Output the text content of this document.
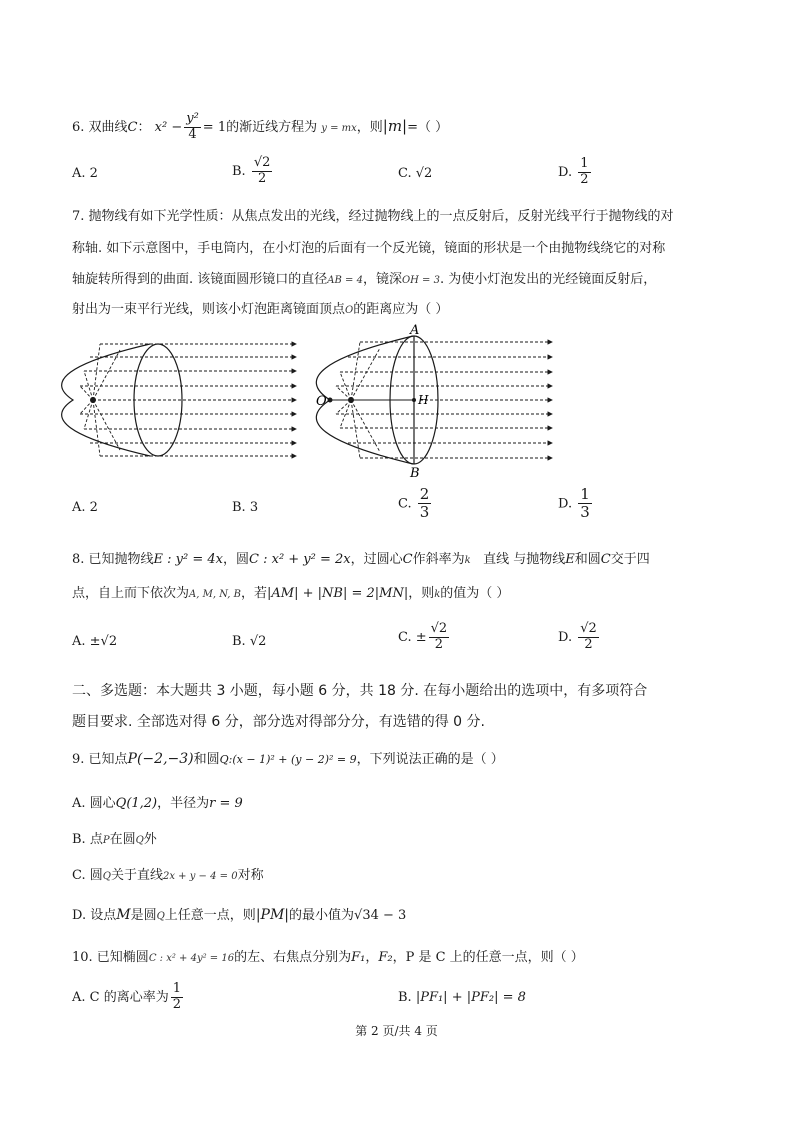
6. 双曲线C： $x^2 - \frac{\text{y²}}{4} = 1$的渐近线方程为 y = mx，则|m|=（ ）
A. 2	B. $\frac{√2}{2}$	C. √2	D. $\frac{1}{2}$
7. 抛物线有如下光学性质：从焦点发出的光线，经过抛物线上的一点反射后，反射光线平行于抛物线的对
称轴. 如下示意图中，手电筒内，在小灯泡的后面有一个反光镜，镜面的形状是一个由抛物线绕它的对称
轴旋转所得到的曲面. 该镜面圆形镜口的直径AB = 4，镜深OH = 3. 为使小灯泡发出的光经镜面反射后，
射出为一束平行光线，则该小灯泡距离镜面顶点O的距离应为（ ）
A
B
O	H
A. 2	B. 3	C. $\frac{2}{3}$	D. $\frac{1}{3}$
8. 已知抛物线E : y² = 4x，圆C : x² + y² = 2x，过圆心C作斜率为k 直线 与抛物线E和圆C交于四
点，自上而下依次为A, M, N, B，若|AM| + |NB| = 2|MN|，则k的值为（ ）
A. ±√2	B. √2	C. ± $\frac{√2}{2}$	D. $\frac{√2}{2}$
二、多选题：本大题共 3 小题，每小题 6 分，共 18 分. 在每小题给出的选项中，有多项符合
题目要求. 全部选对得 6 分，部分选对得部分分，有选错的得 0 分.
9. 已知点P(−2,−3)和圆Q:(x − 1)² + (y − 2)² = 9，下列说法正确的是（ ）
A. 圆心Q(1,2)，半径为r = 9
B. 点P在圆Q外
C. 圆Q关于直线2x + y − 4 = 0对称
D. 设点M是圆Q上任意一点，则|PM|的最小值为√34 − 3
10. 已知椭圆C : x² + 4y² = 16的左、右焦点分别为F₁，F₂，P 是 C 上的任意一点，则（ ）
A. C 的离心率为 $\frac{1}{2}$	B. |PF₁| + |PF₂| = 8
第 2 页/共 4 页
